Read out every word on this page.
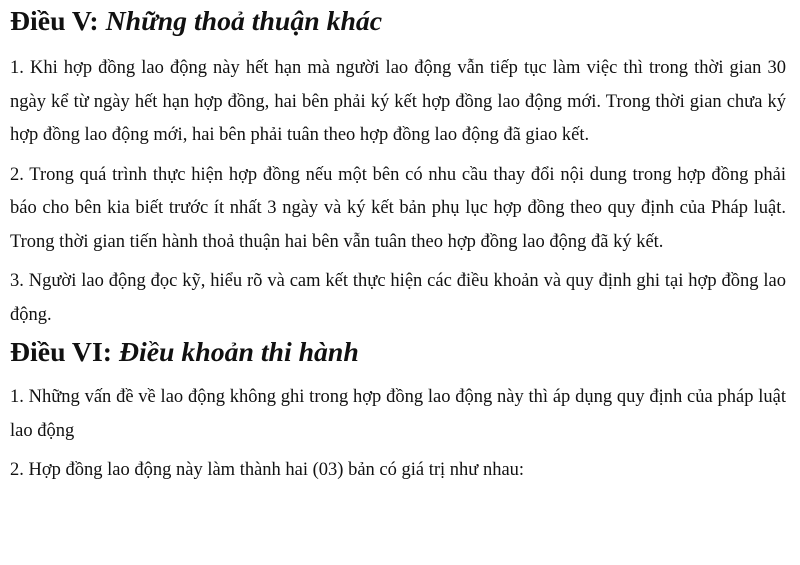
Điều V: Những thoả thuận khác

1. Khi hợp đồng lao động này hết hạn mà người lao động vẫn tiếp tục làm việc thì trong thời gian 30 ngày kể từ ngày hết hạn hợp đồng, hai bên phải ký kết hợp đồng lao động mới. Trong thời gian chưa ký hợp đồng lao động mới, hai bên phải tuân theo hợp đồng lao động đã giao kết.

2. Trong quá trình thực hiện hợp đồng nếu một bên có nhu cầu thay đổi nội dung trong hợp đồng phải báo cho bên kia biết trước ít nhất 3 ngày và ký kết bản phụ lục hợp đồng theo quy định của Pháp luật. Trong thời gian tiến hành thoả thuận hai bên vẫn tuân theo hợp đồng lao động đã ký kết.

3. Người lao động đọc kỹ, hiểu rõ và cam kết thực hiện các điều khoản và quy định ghi tại hợp đồng lao động.

Điều VI: Điều khoản thi hành

1. Những vấn đề về lao động không ghi trong hợp đồng lao động này thì áp dụng quy định của pháp luật lao động

2. Hợp đồng lao động này làm thành hai (03) bản có giá trị như nhau:
